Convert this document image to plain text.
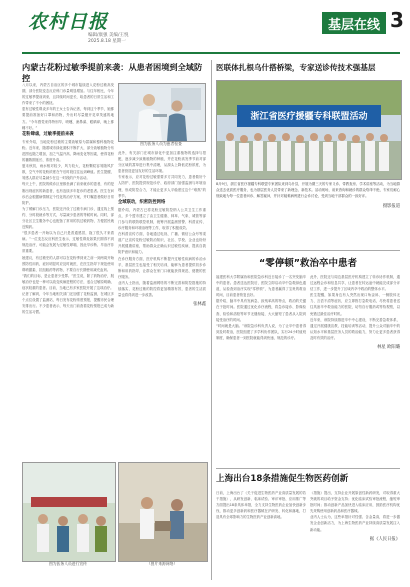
农村日报
编辑/康强 美编/王悦
2025.8.18 星期一
基层在线 3
内蒙古花粉过敏季提前来袭：从患者困境到全域防控
图为医务人员为患者检查

八月以来，内蒙古自治区的多个城市陆续进入花粉过敏高发期，部分医院变态反应科门诊量明显增加。与往年相比，今年的过敏季提前到来，且持续时间更长，给患者的日常生活和工作带来了不小的困扰。

患有过敏性鼻炎多年的王女士告诉记者，每到这个季节，她都要提前准备好口罩和药物，外出时尽量避开花草茂盛的地方。“今年感觉来得特别早，喷嚏、流鼻涕、眼睛痒，晚上都睡不好。”

花粉肆虐，过敏季提前来袭

专家介绍，当地花粉过敏的主要致敏原为蒿属和藜科植物花粉。近年来，随着城市绿化面积不断扩大，部分致敏植物分布范围也随之增加，加之气温升高、降雨变化等因素，使得花粉的播散期延长、浓度升高。

夏末秋初，雨水相对较少，风力较大，花粉颗粒容易随风扩散，空气中的花粉浓度在午后时段往往达到峰值。医生提醒，易感人群应尽量减少在这一时段的户外活动。

每天上午，医院的候诊区里都坐满了前来就诊的患者，有的是刚出现症状的新患者，也有连续多年复诊的老患者。医生在问诊后会根据病情制定个性化的治疗方案，并叮嘱患者做好日常防护。

为了缓解门诊压力，医院还开设了过敏专病门诊，通过线上预约、分时段就诊等方式，尽量减少患者的等候时间。同时，部分社区卫生服务中心也配备了常用的抗过敏药物，方便居民就近购药。

“很多患者一开始以为自己只是普通感冒，拖了很久才来看病。”一位变态反应科医生表示，过敏性鼻炎如果长期得不到规范治疗，可能会发展为过敏性哮喘，因此早诊断、早治疗非常重要。

她建议，有过敏史的人群可以在花粉季到来之前一到两周开始预防性用药，症状明显时应及时就医，在医生指导下规范使用鼻喷激素、抗组胺药等药物，不要自行长期使用减充血剂。

“我们的目标，是让患者少受罪。”医生说，除了药物治疗，脱敏治疗也是一种可以改变疾病进程的方法，适合过敏原明确、症状较重的患者。目前，当地已有多家医院开展了这项治疗。

记者了解到，今年当地相关部门还加强了花粉监测，在城区多个点位设置了监测站，每日发布花粉浓度预报，提醒市民合理安排出行。不少患者表示，每天出门前查看花粉预报已成为新的生活习惯。

此外，有关部门在城市绿化中更加注重植物的选择与搭配，逐步减少致敏植物的种植，并在花粉高发季节前对部分区域的蒿草进行集中清理，从源头上降低花粉浓度，为患者营造更加友好的生活环境。

专家表示，应对花粉过敏需要多方共同发力，患者做好个人防护、医院提供规范诊疗、政府部门加强监测与环境治理，形成防控合力，才能让更多人平稳度过这个“难熬”的季节。

全域联动，织密防控网络

据介绍，内蒙古已将花粉过敏防控纳入公共卫生工作重点，多个盟市建立了由卫生健康、林草、气象、城管等部门参与的联防联控机制，统筹开展监测预警、科普宣传、诊疗服务和环境治理等工作，取得了积极成效。

在科普宣传方面，各地通过电视、广播、微信公众号等渠道广泛宣传花粉过敏防治知识，社区、学校、企业也纷纷开展健康讲座，帮助群众正确认识过敏性疾病，提高自我防护意识和能力。

在诊疗服务方面，医疗机构不断提升过敏性疾病的诊治水平，基层医生也接受了相关培训，能够为患者提供初步诊断和用药指导，让群众在家门口就能获得规范、便捷的医疗服务。

业内人士指出，随着监测网络的不断完善和防控措施的持续落实，花粉过敏的防控将更加精准有效，患者的生活质量也将得到进一步改善。

张林鑫

图为医务人员进行宣传	（图片来源网络）
医联体扎根乌什搭桥梁，专家送诊传技术强基层
浙江省医疗援疆专科联盟活动

8月9日，浙江省医疗援疆专科联盟专家团队来到乌什县，开展为期三天的专家义诊、带教查房、学术讲座等活动，为当地群众送去优质医疗服务，也为基层医务人员带来了新理念、新技术。活动现场，前来咨询和就诊的群众络绎不绝，专家们耐心细致地为每一位患者问诊、解答疑问，并针对疑难病例进行会诊讨论，受到当地干部群众的一致好评。

摄影报道

“零停顿”救治卒中患者

福建医科大学附属协和医院急诊科近日接诊了一名突发脑卒中的患者。患者送达医院后，医院立即启动卒中急救绿色通道，从检查到治疗实现“零停顿”，为患者赢得了宝贵的救治时间，目前患者恢复良好。

据介绍，脑卒中具有发病急、致残率高的特点，救治的关键在于抢时间。医院通过优化诊疗流程，将急诊接诊、影像检查、检验和溶栓等环节无缝衔接，大大缩短了患者从入院到接受治疗的时间。

“时间就是大脑。”该院急诊科负责人说，为了让卒中患者得到及时救治，医院组建了多学科协作团队，实行24小时值班制度，确保患者一到医院就能得到快速、规范的诊疗。

此外，医院还与周边基层医疗机构建立了转诊协作机制，通过远程会诊和信息共享，让患者在转运途中就能完成部分评估工作，进一步提升了区域内卒中救治的整体水平。

医生提醒，如果身边有人突然出现口角歪斜、一侧肢体无力、言语不清等症状，应立即拨打急救电话，尽快将患者送往具备卒中救治能力的医院，切勿自行服药或等待观察，以免错过最佳治疗时机。

近年来，该院持续推进卒中中心建设，不断完善急救体系，通过开展健康宣教、技能培训等活动，提升公众对脑卒中的认知水平和基层医务人员的救治能力，努力让更多患者获得及时有效的治疗。

林星 欧阳璐

上海出台18条措施促生物医药创新

日前，上海出台了《关于促进生物医药产业高质量发展的若干措施》，从研发创新、临床试验、审评审批、应用推广等方面提出18条具体举措，全力支持生物医药企业加快创新步伐，推动更多创新药和医疗器械在沪研发、转化和落地，打造具有全球影响力的生物医药产业创新高地。

《措施》提出，支持企业开展原创性新药研发，对取得重大突破的项目给予资金支持；优化临床试验审批流程，缩短审批时间；推动创新产品加快进入临床应用，鼓励医疗机构优先采购使用创新药品和医疗器械。

业内人士认为，这些举措针对性强、含金量高，将进一步激发企业创新活力，为上海生物医药产业持续高质量发展注入新动能。

据《人民日报》
